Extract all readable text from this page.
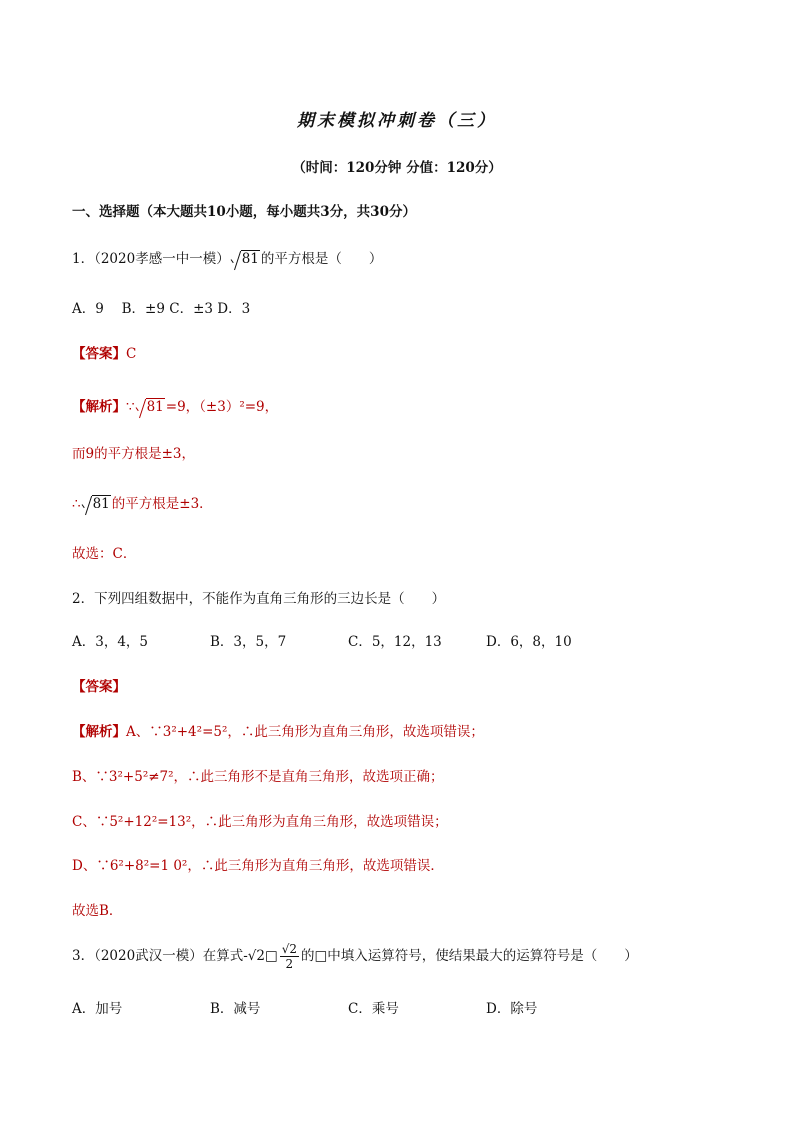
期末模拟冲刺卷（三）
（时间：120分钟 分值：120分）
一、选择题（本大题共10小题，每小题共3分，共30分）
1．（2020孝感一中一模） 81 的平方根是（　　）
A．9　 B．±9 C．±3 D．3
【答案】C
【解析】∵ 81 =9，（±3）²=9，
而9的平方根是±3，
∴ 81 的平方根是±3．
故选：C．
2．下列四组数据中，不能作为直角三角形的三边长是（　　）
A．3，4，5	B．3，5，7	C．5，12，13	D．6，8，10
【答案】
【解析】A、∵3²+4²=5²，∴此三角形为直角三角形，故选项错误；
B、∵3²+5²≠7²，∴此三角形不是直角三角形，故选项正确；
C、∵5²+12²=13²，∴此三角形为直角三角形，故选项错误；
D、∵6²+8²=1 0²，∴此三角形为直角三角形，故选项错误．
故选B．
3．（2020武汉一模）在算式-√2□ $\frac{√2}{2}$ 的□中填入运算符号，使结果最大的运算符号是（　　）
A．加号	B．减号	C．乘号	D．除号
